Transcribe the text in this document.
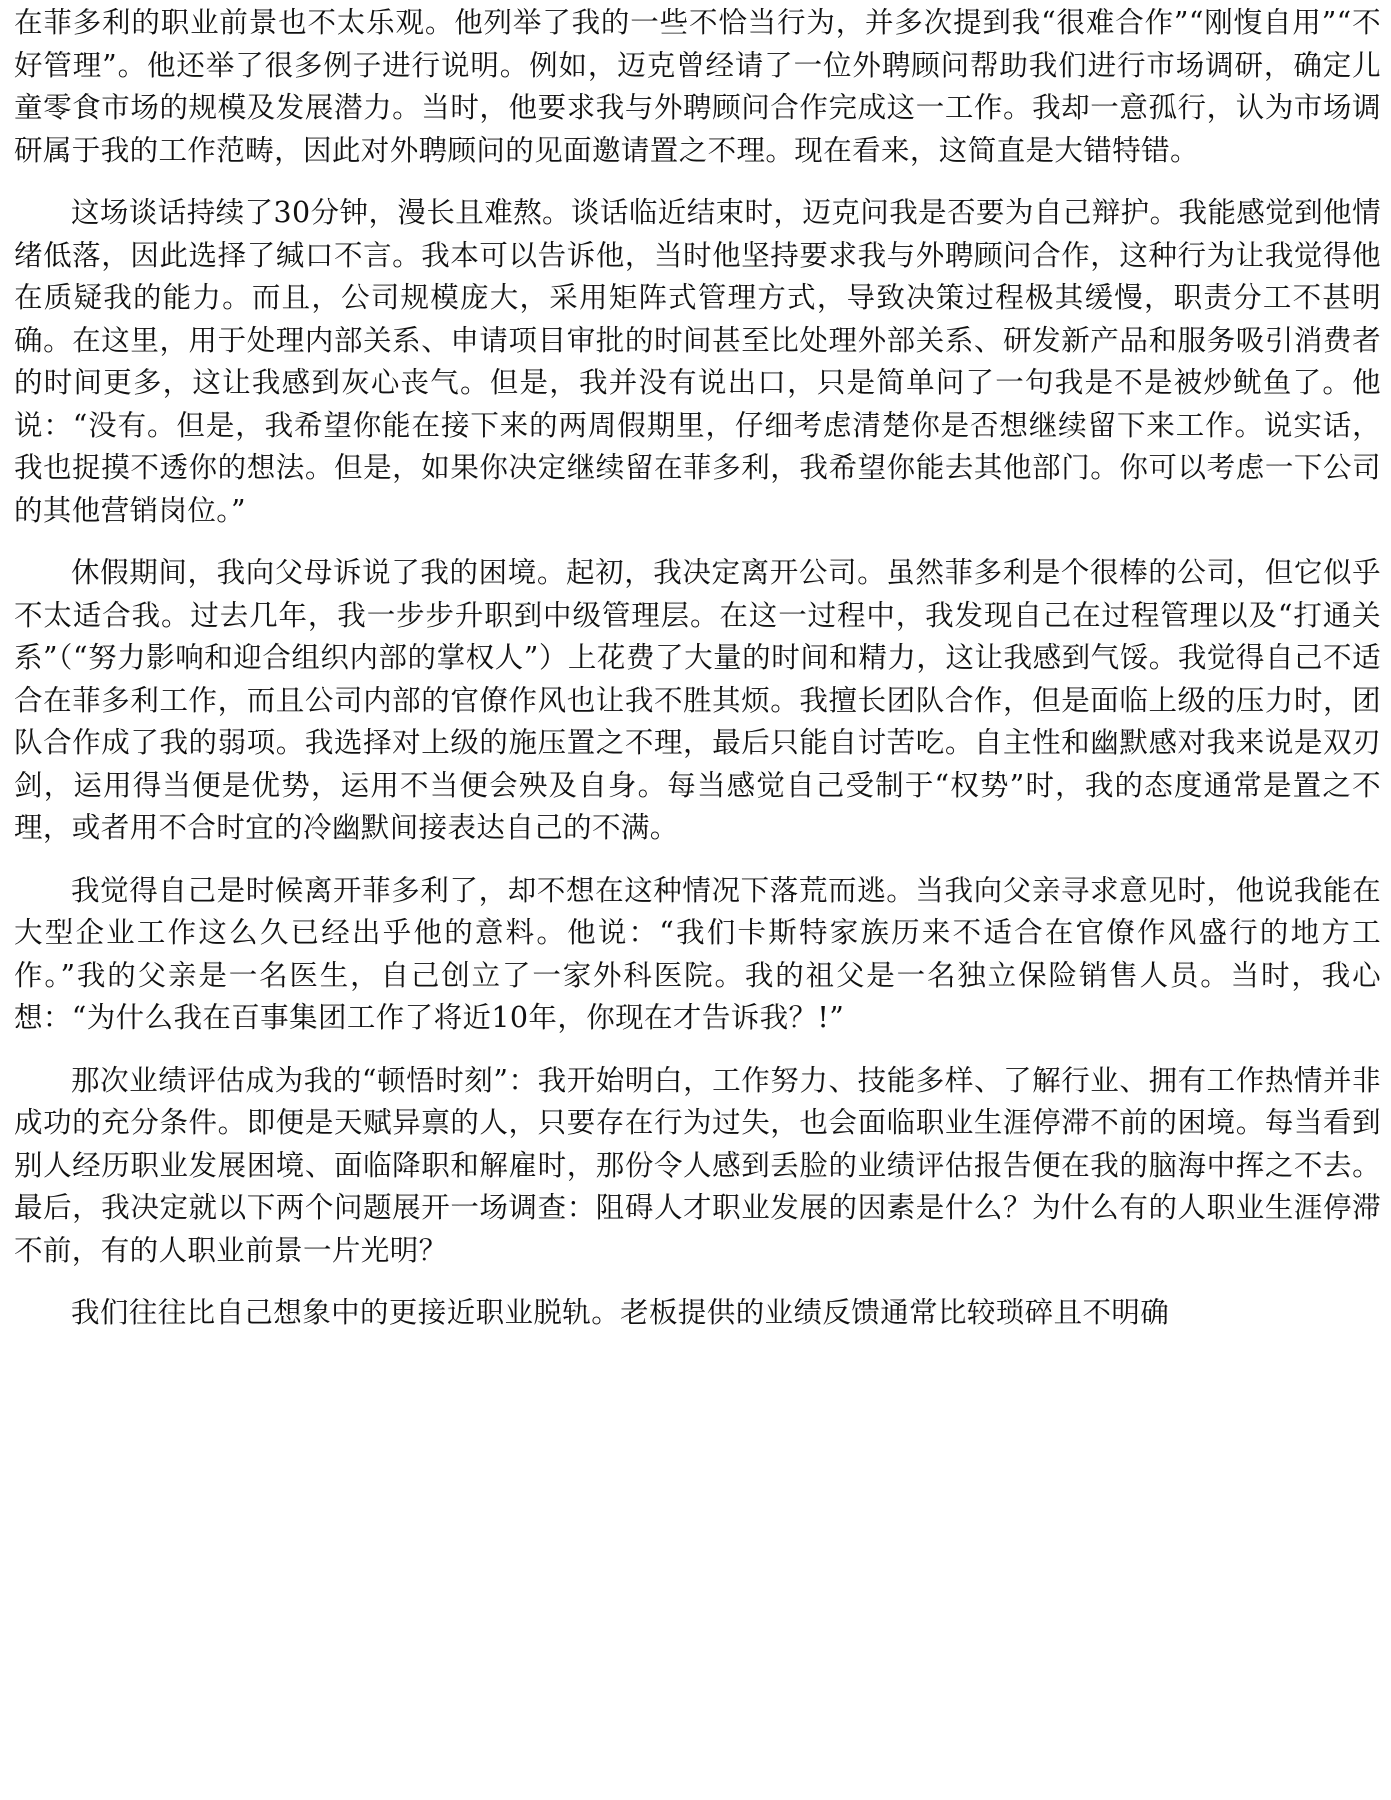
在菲多利的职业前景也不太乐观。他列举了我的一些不恰当行为，并多次提到我“很难合作”“刚愎自用”“不好管理”。他还举了很多例子进行说明。例如，迈克曾经请了一位外聘顾问帮助我们进行市场调研，确定儿童零食市场的规模及发展潜力。当时，他要求我与外聘顾问合作完成这一工作。我却一意孤行，认为市场调研属于我的工作范畴，因此对外聘顾问的见面邀请置之不理。现在看来，这简直是大错特错。

这场谈话持续了30分钟，漫长且难熬。谈话临近结束时，迈克问我是否要为自己辩护。我能感觉到他情绪低落，因此选择了缄口不言。我本可以告诉他，当时他坚持要求我与外聘顾问合作，这种行为让我觉得他在质疑我的能力。而且，公司规模庞大，采用矩阵式管理方式，导致决策过程极其缓慢，职责分工不甚明确。在这里，用于处理内部关系、申请项目审批的时间甚至比处理外部关系、研发新产品和服务吸引消费者的时间更多，这让我感到灰心丧气。但是，我并没有说出口，只是简单问了一句我是不是被炒鱿鱼了。他说：“没有。但是，我希望你能在接下来的两周假期里，仔细考虑清楚你是否想继续留下来工作。说实话，我也捉摸不透你的想法。但是，如果你决定继续留在菲多利，我希望你能去其他部门。你可以考虑一下公司的其他营销岗位。”

休假期间，我向父母诉说了我的困境。起初，我决定离开公司。虽然菲多利是个很棒的公司，但它似乎不太适合我。过去几年，我一步步升职到中级管理层。在这一过程中，我发现自己在过程管理以及“打通关系”（“努力影响和迎合组织内部的掌权人”）上花费了大量的时间和精力，这让我感到气馁。我觉得自己不适合在菲多利工作，而且公司内部的官僚作风也让我不胜其烦。我擅长团队合作，但是面临上级的压力时，团队合作成了我的弱项。我选择对上级的施压置之不理，最后只能自讨苦吃。自主性和幽默感对我来说是双刃剑，运用得当便是优势，运用不当便会殃及自身。每当感觉自己受制于“权势”时，我的态度通常是置之不理，或者用不合时宜的冷幽默间接表达自己的不满。

我觉得自己是时候离开菲多利了，却不想在这种情况下落荒而逃。当我向父亲寻求意见时，他说我能在大型企业工作这么久已经出乎他的意料。他说：“我们卡斯特家族历来不适合在官僚作风盛行的地方工作。”我的父亲是一名医生，自己创立了一家外科医院。我的祖父是一名独立保险销售人员。当时，我心想：“为什么我在百事集团工作了将近10年，你现在才告诉我？!”

那次业绩评估成为我的“顿悟时刻”：我开始明白，工作努力、技能多样、了解行业、拥有工作热情并非成功的充分条件。即便是天赋异禀的人，只要存在行为过失，也会面临职业生涯停滞不前的困境。每当看到别人经历职业发展困境、面临降职和解雇时，那份令人感到丢脸的业绩评估报告便在我的脑海中挥之不去。最后，我决定就以下两个问题展开一场调查：阻碍人才职业发展的因素是什么？为什么有的人职业生涯停滞不前，有的人职业前景一片光明？

我们往往比自己想象中的更接近职业脱轨。老板提供的业绩反馈通常比较琐碎且不明确
